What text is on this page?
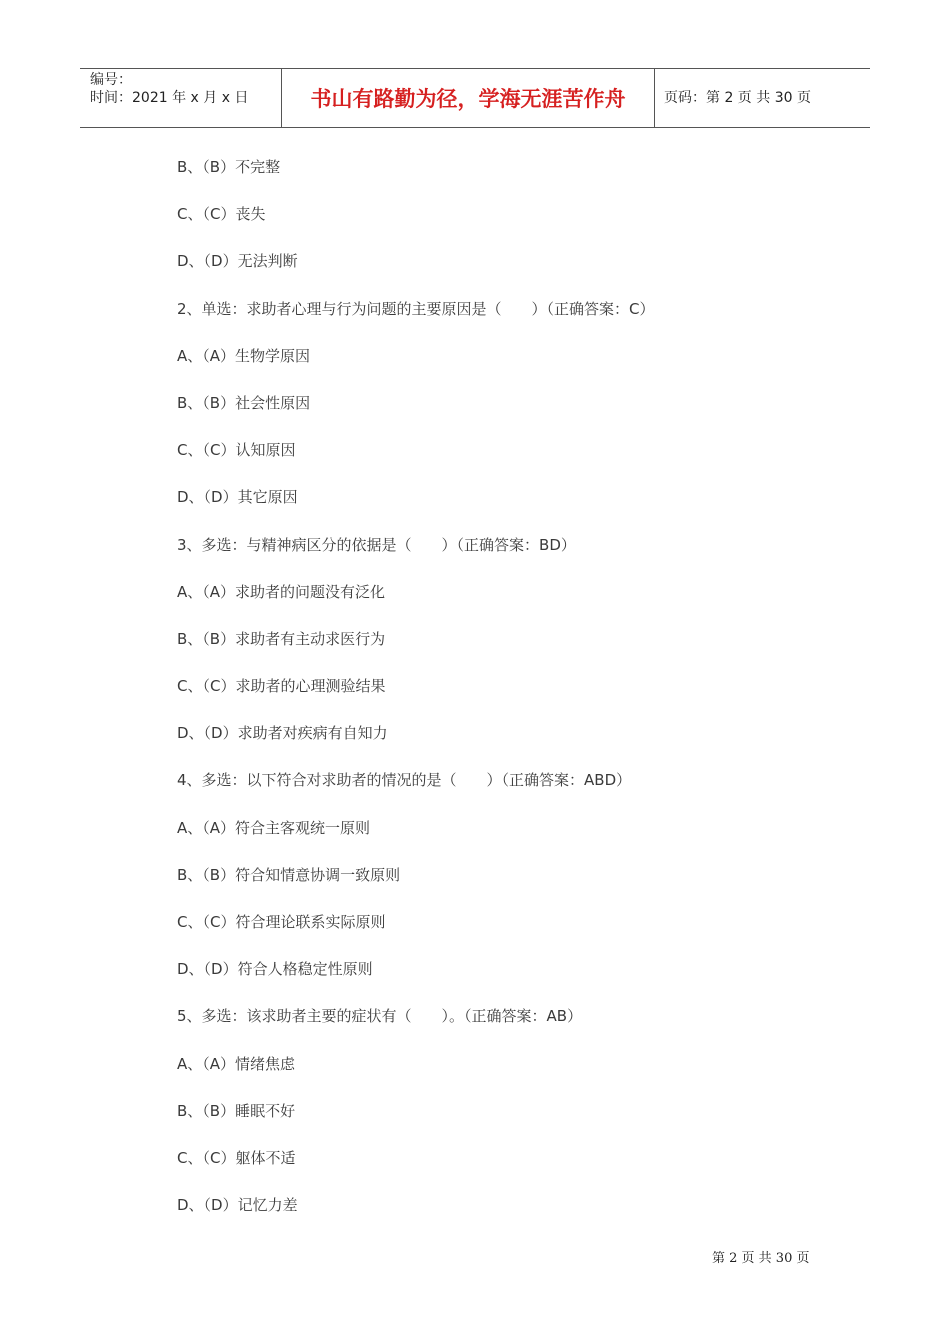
编号：
时间：2021 年 x 月 x 日	书山有路勤为径，学海无涯苦作舟	页码：第 2 页 共 30 页
B、（B）不完整
C、（C）丧失
D、（D）无法判断
2、单选：求助者心理与行为问题的主要原因是（　　）（正确答案：C）
A、（A）生物学原因
B、（B）社会性原因
C、（C）认知原因
D、（D）其它原因
3、多选：与精神病区分的依据是（　　）（正确答案：BD）
A、（A）求助者的问题没有泛化
B、（B）求助者有主动求医行为
C、（C）求助者的心理测验结果
D、（D）求助者对疾病有自知力
4、多选：以下符合对求助者的情况的是（　　）（正确答案：ABD）
A、（A）符合主客观统一原则
B、（B）符合知情意协调一致原则
C、（C）符合理论联系实际原则
D、（D）符合人格稳定性原则
5、多选：该求助者主要的症状有（　　）。（正确答案：AB）
A、（A）情绪焦虑
B、（B）睡眠不好
C、（C）躯体不适
D、（D）记忆力差
第 2 页 共 30 页
